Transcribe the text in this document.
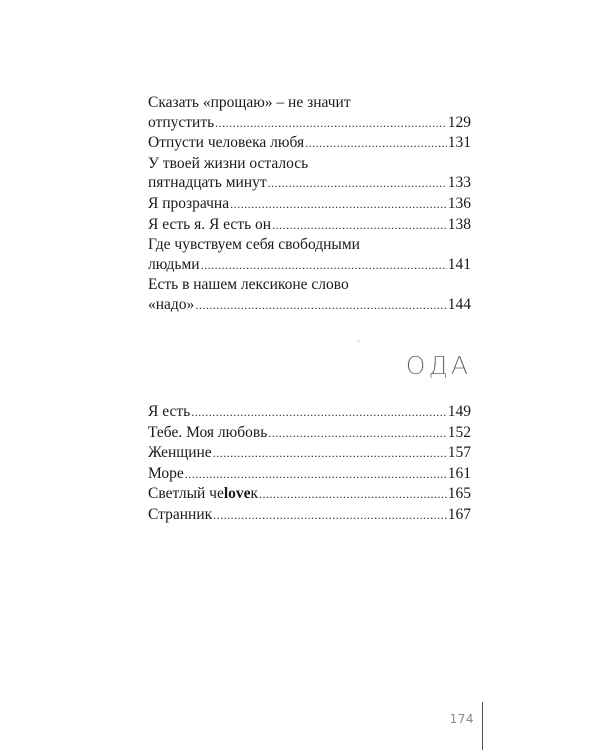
Сказать «прощаю» – не значит
отпустить .....	129
Отпусти человека любя .....	131
У твоей жизни осталось
пятнадцать минут .....	133
Я прозрачна .....	136
Я есть я. Я есть он .....	138
Где чувствуем себя свободными
людьми .....	141
Есть в нашем лексиконе слово
«надо» .....	144
ОДА
Я есть .....	149
Тебе. Моя любовь .....	152
Женщине .....	157
Море .....	161
Светлый чеloveк .....	165
Странник .....	167
174
